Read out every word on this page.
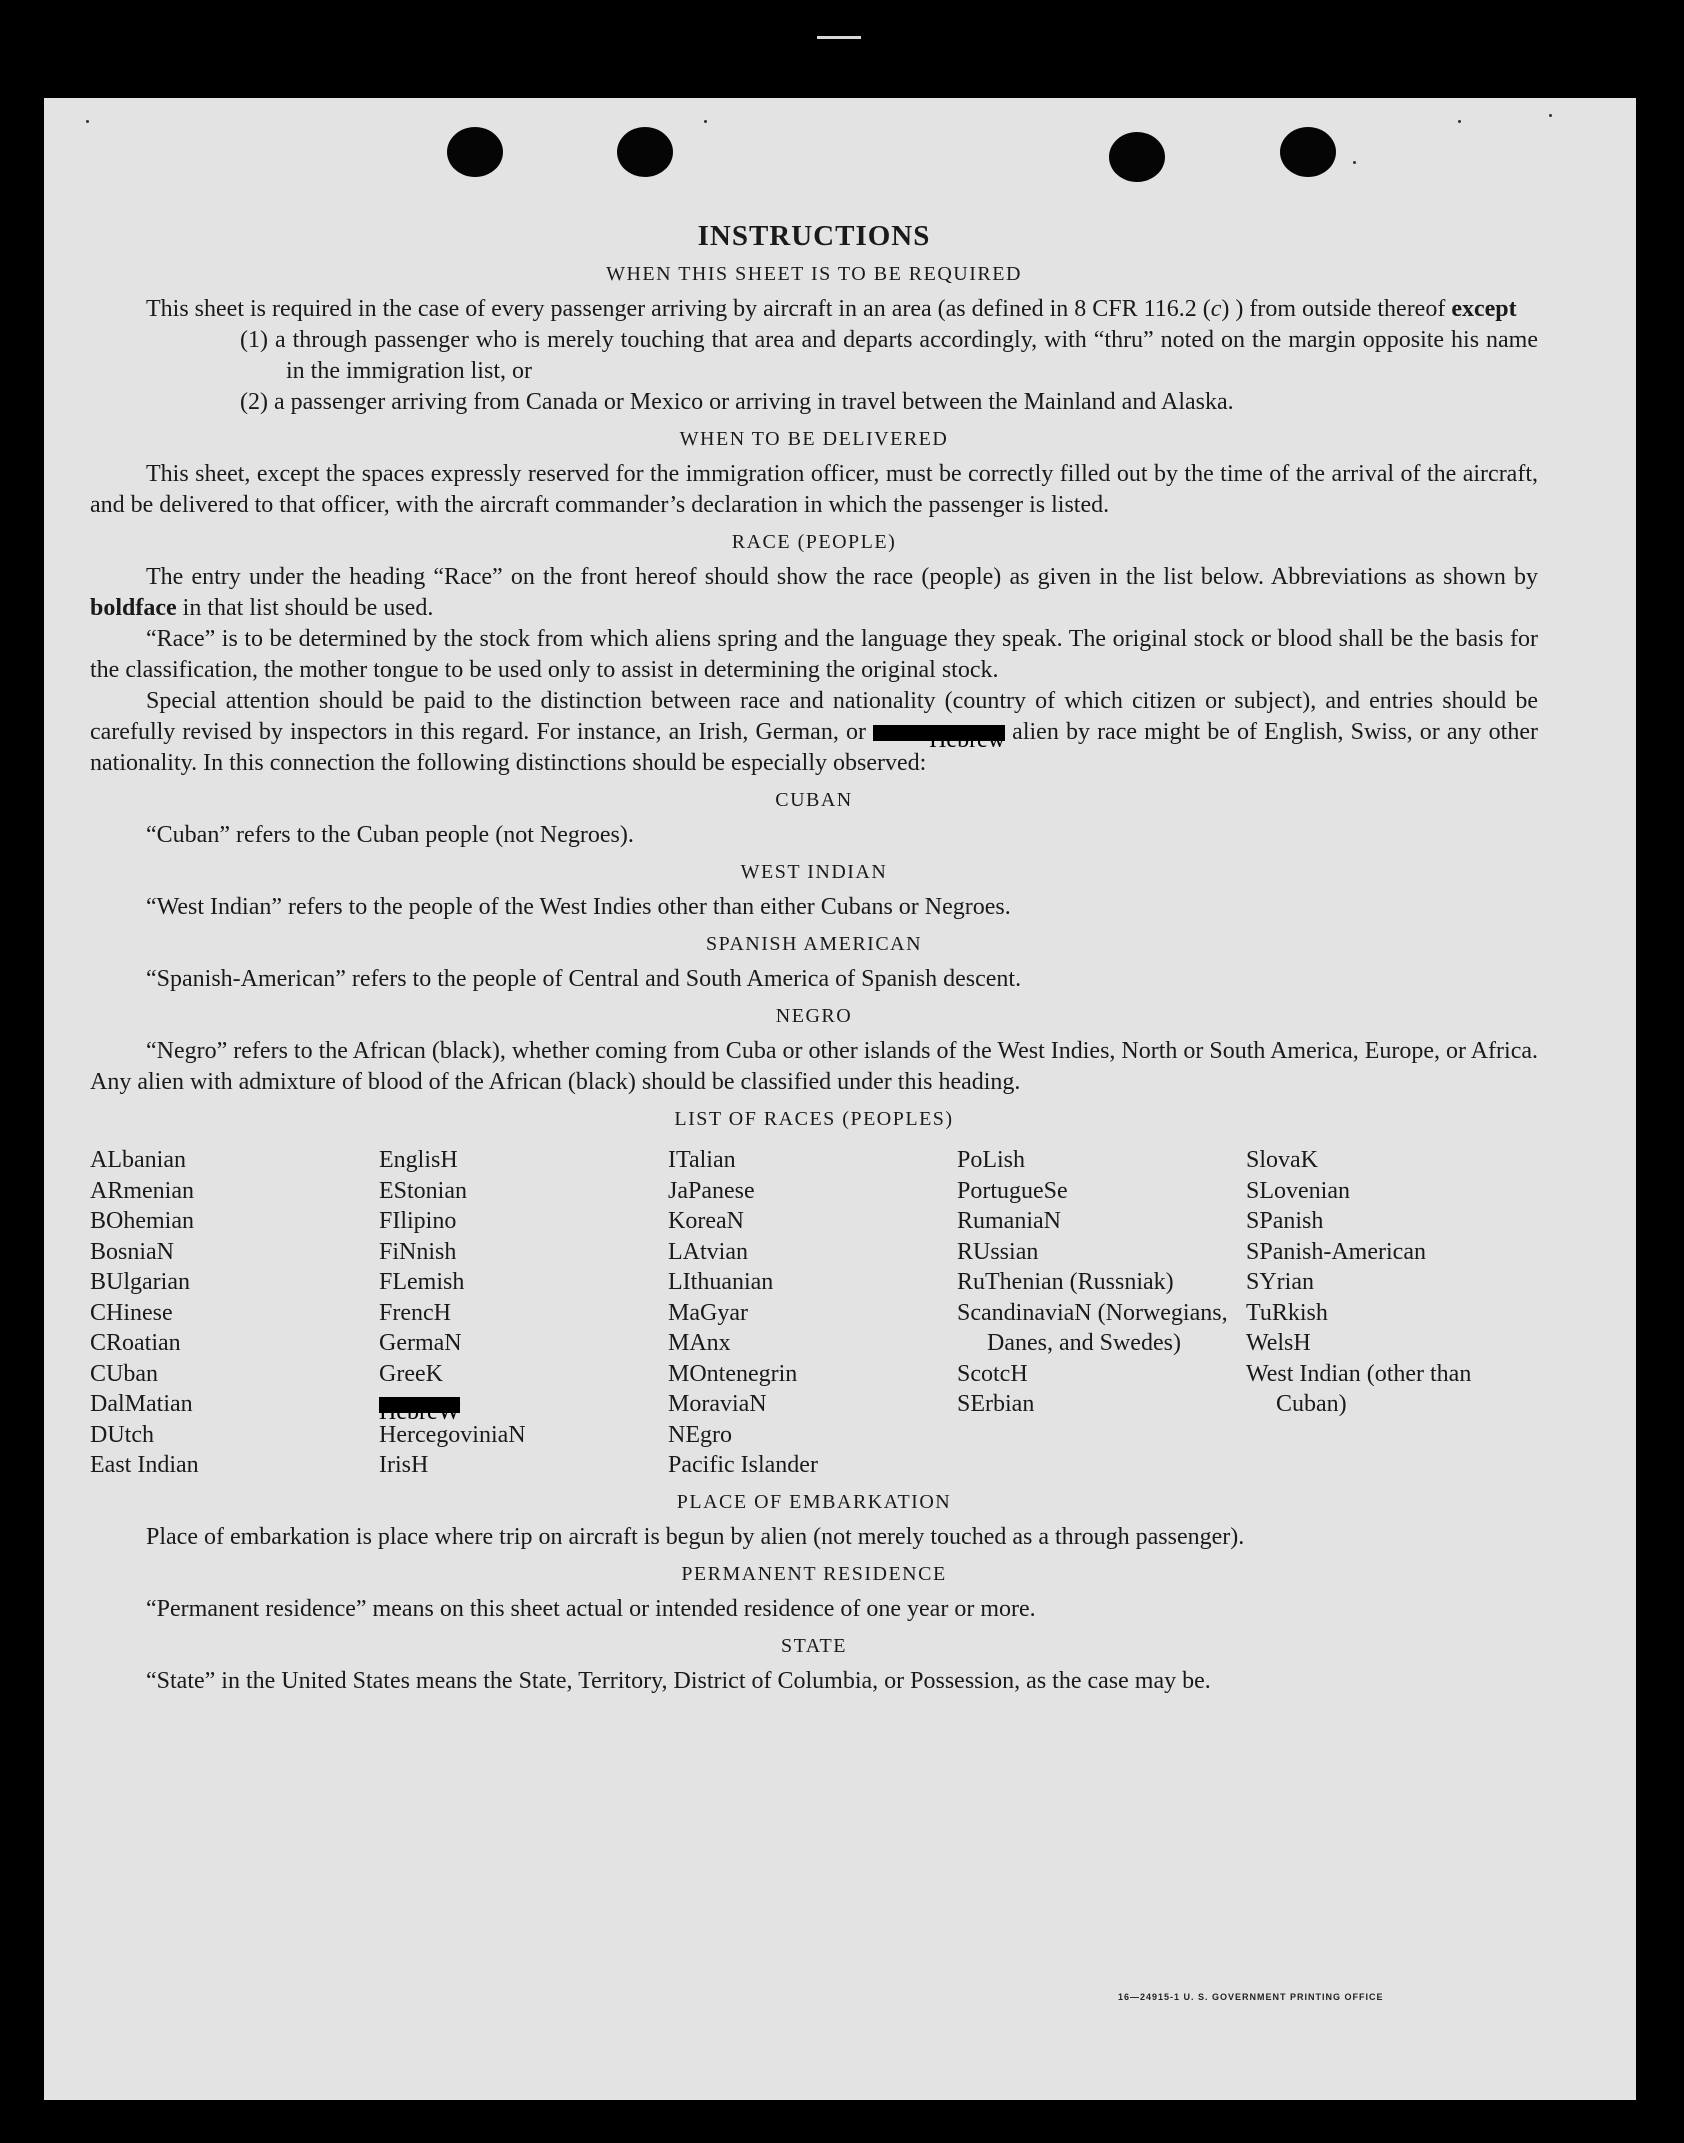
INSTRUCTIONS
WHEN THIS SHEET IS TO BE REQUIRED

This sheet is required in the case of every passenger arriving by aircraft in an area (as defined in 8 CFR 116.2 (c) ) from outside thereof except

(1) a through passenger who is merely touching that area and departs accordingly, with “thru” noted on the margin opposite his name in the immigration list, or

(2) a passenger arriving from Canada or Mexico or arriving in travel between the Mainland and Alaska.

WHEN TO BE DELIVERED

This sheet, except the spaces expressly reserved for the immigration officer, must be correctly filled out by the time of the arrival of the aircraft, and be delivered to that officer, with the aircraft commander’s declaration in which the passenger is listed.

RACE (PEOPLE)

The entry under the heading “Race” on the front hereof should show the race (people) as given in the list below. Abbreviations as shown by boldface in that list should be used.

“Race” is to be determined by the stock from which aliens spring and the language they speak. The original stock or blood shall be the basis for the classification, the mother tongue to be used only to assist in determining the original stock.

Special attention should be paid to the distinction between race and nationality (country of which citizen or subject), and entries should be carefully revised by inspectors in this regard. For instance, an Irish, German, or Hebrew alien by race might be of English, Swiss, or any other nationality. In this connection the following distinctions should be especially observed:

CUBAN

“Cuban” refers to the Cuban people (not Negroes).

WEST INDIAN

“West Indian” refers to the people of the West Indies other than either Cubans or Negroes.

SPANISH AMERICAN

“Spanish-American” refers to the people of Central and South America of Spanish descent.

NEGRO

“Negro” refers to the African (black), whether coming from Cuba or other islands of the West Indies, North or South America, Europe, or Africa. Any alien with admixture of blood of the African (black) should be classified under this heading.

LIST OF RACES (PEOPLES)
ALbanian
ARmenian
BOhemian
BosniaN
BUlgarian
CHinese
CRoatian
CUban
DalMatian
DUtch
East Indian
EnglisH
EStonian
FIlipino
FiNnish
FLemish
FrencH
GermaN
GreeK
HebreW
HercegoviniaN
IrisH
ITalian
JaPanese
KoreaN
LAtvian
LIthuanian
MaGyar
MAnx
MOntenegrin
MoraviaN
NEgro
Pacific Islander
PoLish
PortugueSe
RumaniaN
RUssian
RuThenian (Russniak)
ScandinaviaN (Norwegians, Danes, and Swedes)
ScotcH
SErbian
SlovaK
SLovenian
SPanish
SPanish-American
SYrian
TuRkish
WelsH
West Indian (other than Cuban)
PLACE OF EMBARKATION

Place of embarkation is place where trip on aircraft is begun by alien (not merely touched as a through passenger).

PERMANENT RESIDENCE

“Permanent residence” means on this sheet actual or intended residence of one year or more.

STATE

“State” in the United States means the State, Territory, District of Columbia, or Possession, as the case may be.

16—24915-1 U. S. GOVERNMENT PRINTING OFFICE
